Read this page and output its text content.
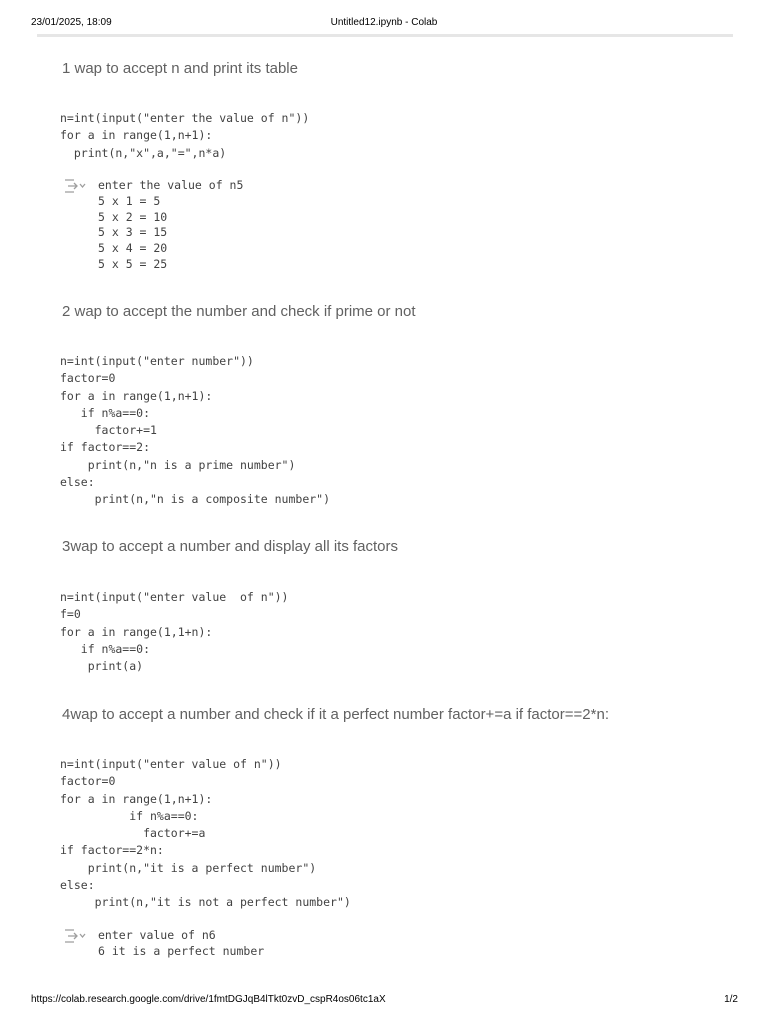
23/01/2025, 18:09	Untitled12.ipynb - Colab
1 wap to accept n and print its table
n=int(input("enter the value of n"))
for a in range(1,n+1):
print(n,"x",a,"=",n*a)
enter the value of n5
5 x 1 = 5
5 x 2 = 10
5 x 3 = 15
5 x 4 = 20
5 x 5 = 25
2 wap to accept the number and check if prime or not
n=int(input("enter number"))
factor=0
for a in range(1,n+1):
if n%a==0:
factor+=1
if factor==2:
print(n,"n is a prime number")
else:
print(n,"n is a composite number")
3wap to accept a number and display all its factors
n=int(input("enter value  of n"))
f=0
for a in range(1,1+n):
if n%a==0:
print(a)
4wap to accept a number and check if it a perfect number factor+=a if factor==2*n:
n=int(input("enter value of n"))
factor=0
for a in range(1,n+1):
if n%a==0:
factor+=a
if factor==2*n:
print(n,"it is a perfect number")
else:
print(n,"it is not a perfect number")
enter value of n6
6 it is a perfect number
https://colab.research.google.com/drive/1fmtDGJqB4lTkt0zvD_cspR4os06tc1aX	1/2
